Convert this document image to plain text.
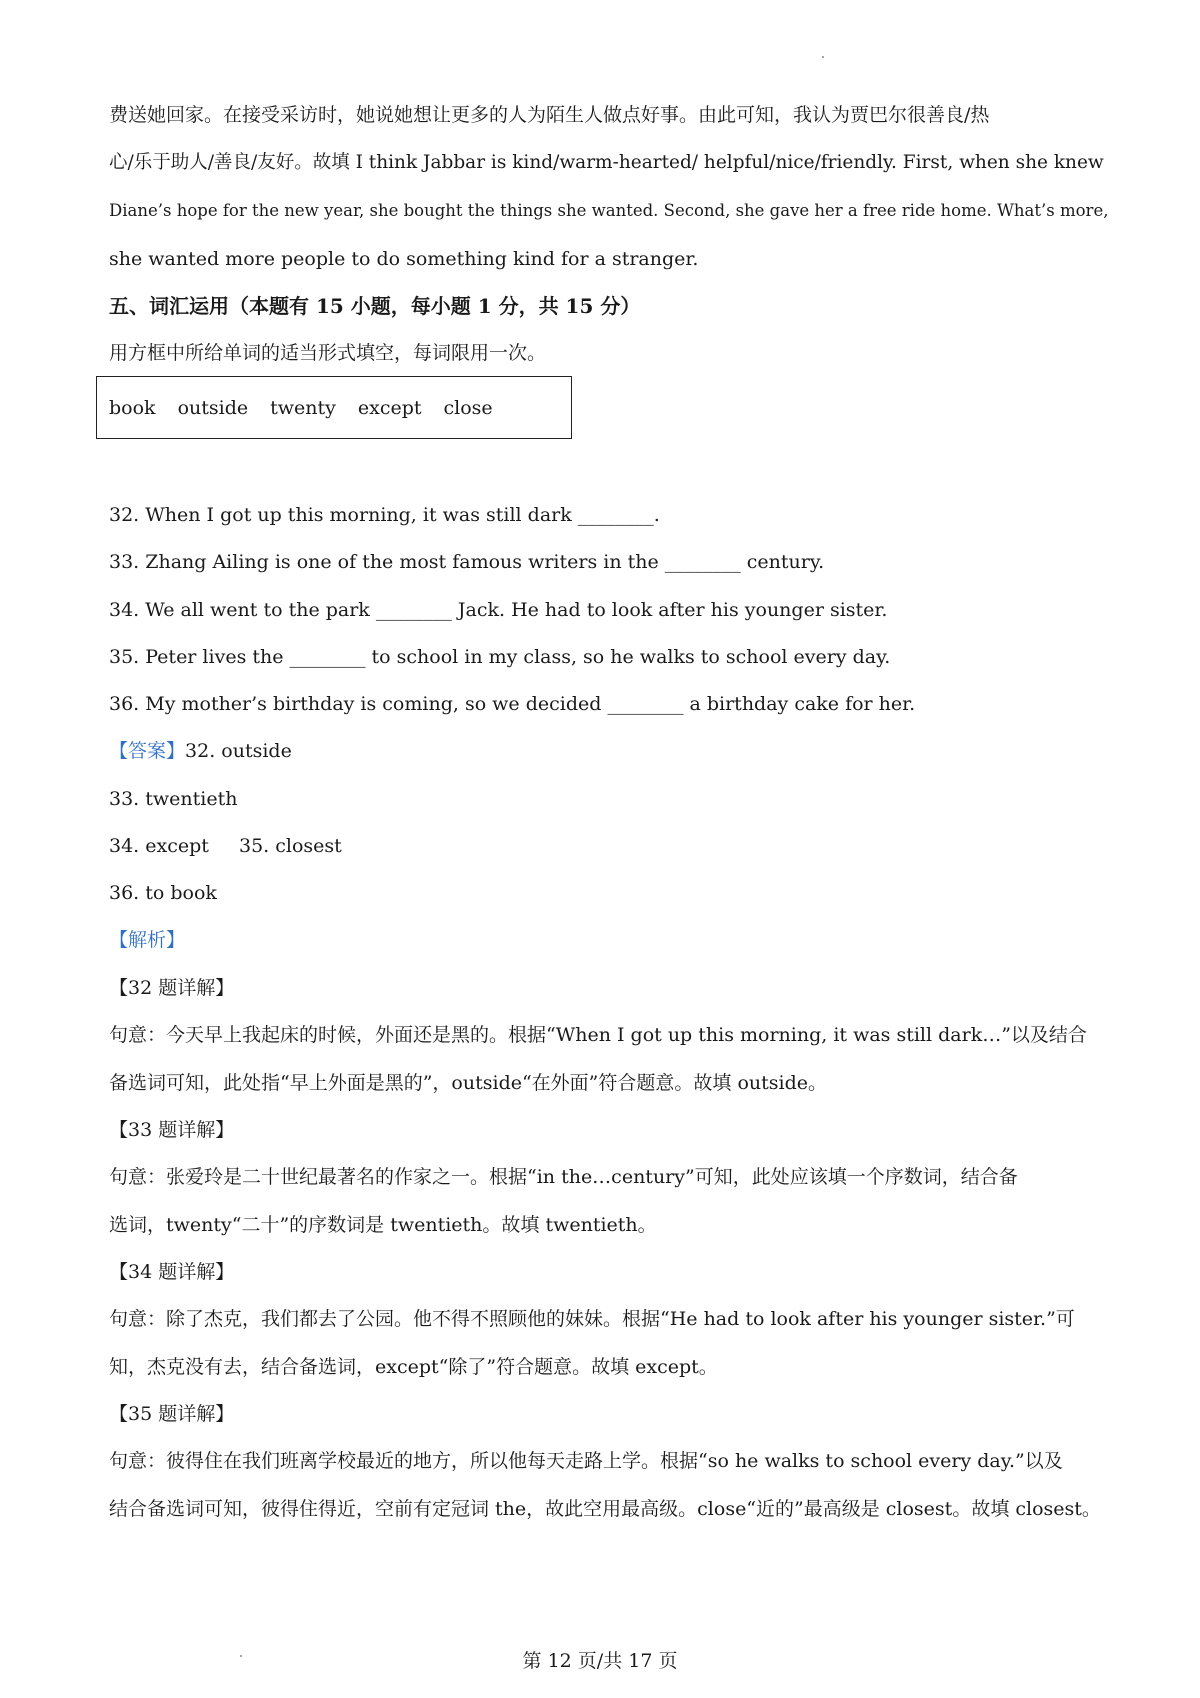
费送她回家。在接受采访时，她说她想让更多的人为陌生人做点好事。由此可知，我认为贾巴尔很善良/热
心/乐于助人/善良/友好。故填 I think Jabbar is kind/warm-hearted/ helpful/nice/friendly. First, when she knew
Diane’s hope for the new year, she bought the things she wanted. Second, she gave her a free ride home. What’s more,
she wanted more people to do something kind for a stranger.
五、词汇运用（本题有 15 小题，每小题 1 分，共 15 分）
用方框中所给单词的适当形式填空，每词限用一次。
book outside twenty except close
32. When I got up this morning, it was still dark ________.
33. Zhang Ailing is one of the most famous writers in the ________ century.
34. We all went to the park ________ Jack. He had to look after his younger sister.
35. Peter lives the ________ to school in my class, so he walks to school every day.
36. My mother’s birthday is coming, so we decided ________ a birthday cake for her.
【答案】32. outside
33. twentieth
34. except 35. closest
36. to book
【解析】
【32 题详解】
句意：今天早上我起床的时候，外面还是黑的。根据“When I got up this morning, it was still dark…”以及结合
备选词可知，此处指“早上外面是黑的”，outside“在外面”符合题意。故填 outside。
【33 题详解】
句意：张爱玲是二十世纪最著名的作家之一。根据“in the…century”可知，此处应该填一个序数词，结合备
选词，twenty“二十”的序数词是 twentieth。故填 twentieth。
【34 题详解】
句意：除了杰克，我们都去了公园。他不得不照顾他的妹妹。根据“He had to look after his younger sister.”可
知，杰克没有去，结合备选词，except“除了”符合题意。故填 except。
【35 题详解】
句意：彼得住在我们班离学校最近的地方，所以他每天走路上学。根据“so he walks to school every day.”以及
结合备选词可知，彼得住得近，空前有定冠词 the，故此空用最高级。close“近的”最高级是 closest。故填 closest。
第 12 页/共 17 页
